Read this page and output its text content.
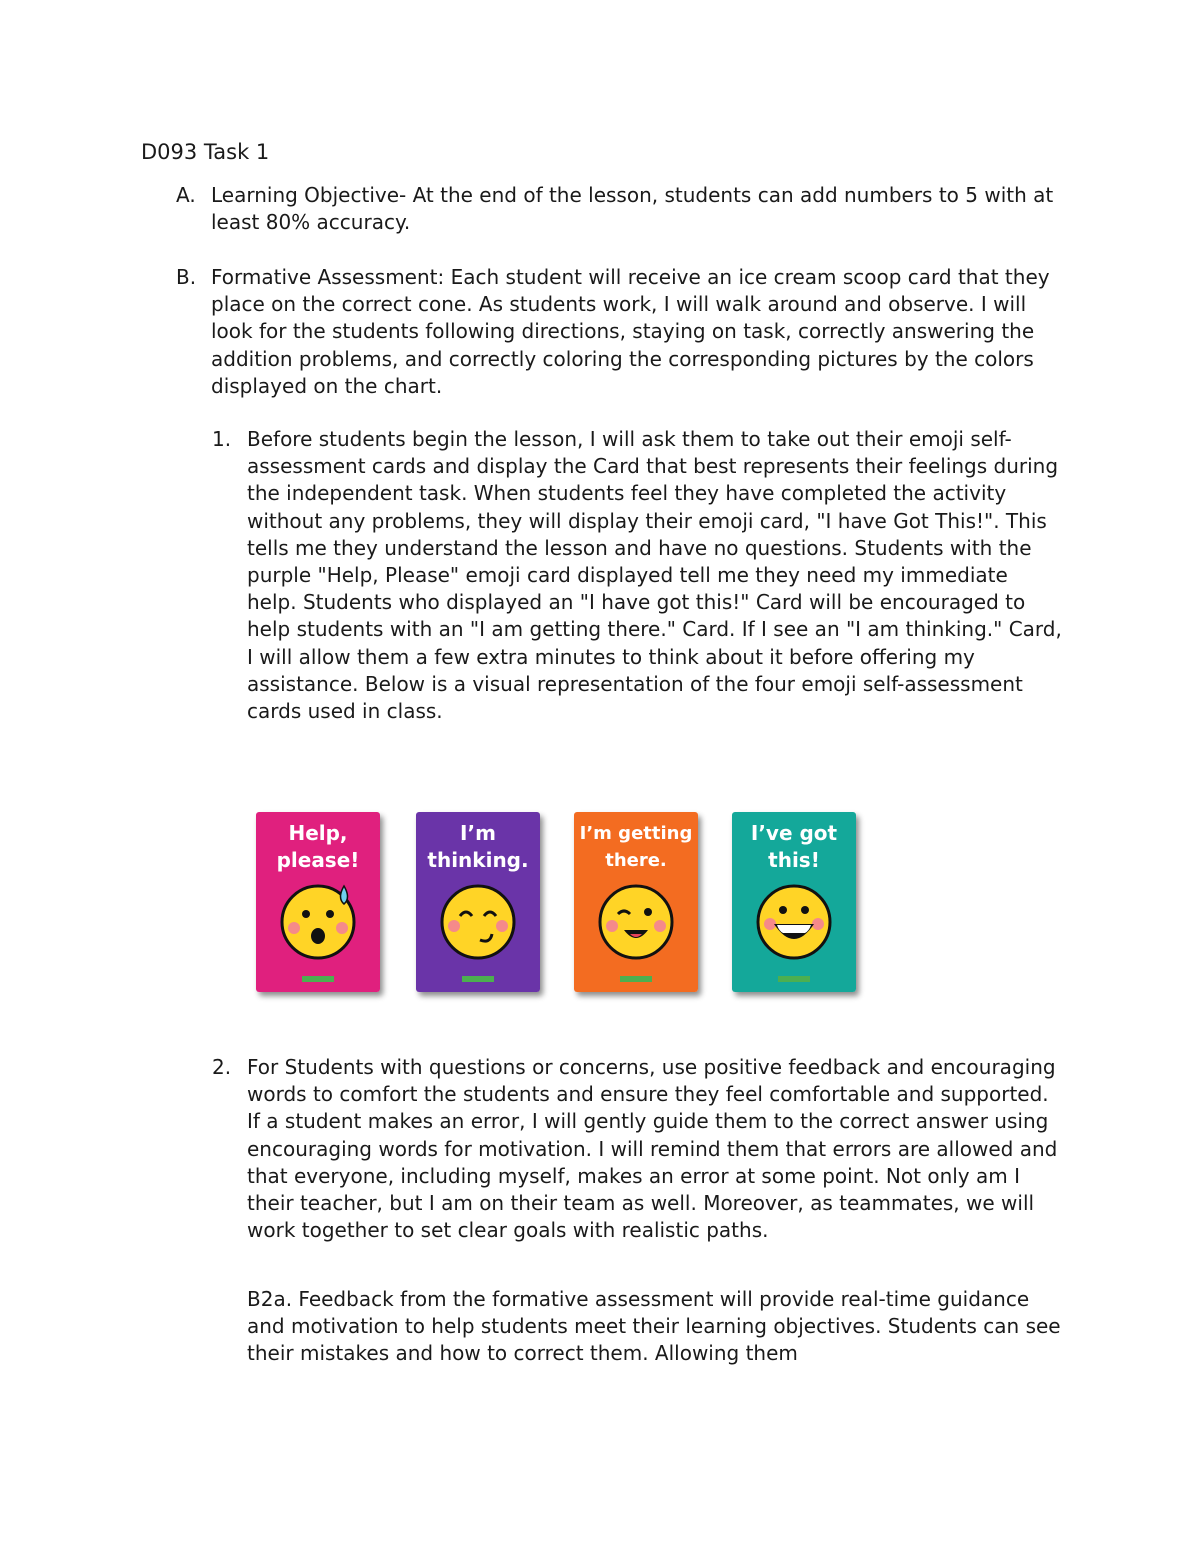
D093 Task 1
A. Learning Objective- At the end of the lesson, students can add numbers to 5 with at least 80% accuracy.

B. Formative Assessment: Each student will receive an ice cream scoop card that they place on the correct cone. As students work, I will walk around and observe. I will look for the students following directions, staying on task, correctly answering the addition problems, and correctly coloring the corresponding pictures by the colors displayed on the chart.

1. Before students begin the lesson, I will ask them to take out their emoji self-assessment cards and display the Card that best represents their feelings during the independent task. When students feel they have completed the activity without any problems, they will display their emoji card, "I have Got This!". This tells me they understand the lesson and have no questions. Students with the purple "Help, Please" emoji card displayed tell me they need my immediate help. Students who displayed an "I have got this!" Card will be encouraged to help students with an "I am getting there." Card. If I see an "I am thinking." Card, I will allow them a few extra minutes to think about it before offering my assistance. Below is a visual representation of the four emoji self-assessment cards used in class.

Help,
please!
I’m
thinking.
I’m getting
there.
I’ve got
this!
2. For Students with questions or concerns, use positive feedback and encouraging words to comfort the students and ensure they feel comfortable and supported. If a student makes an error, I will gently guide them to the correct answer using encouraging words for motivation. I will remind them that errors are allowed and that everyone, including myself, makes an error at some point. Not only am I their teacher, but I am on their team as well. Moreover, as teammates, we will work together to set clear goals with realistic paths.

B2a. Feedback from the formative assessment will provide real-time guidance and motivation to help students meet their learning objectives. Students can see their mistakes and how to correct them. Allowing them
